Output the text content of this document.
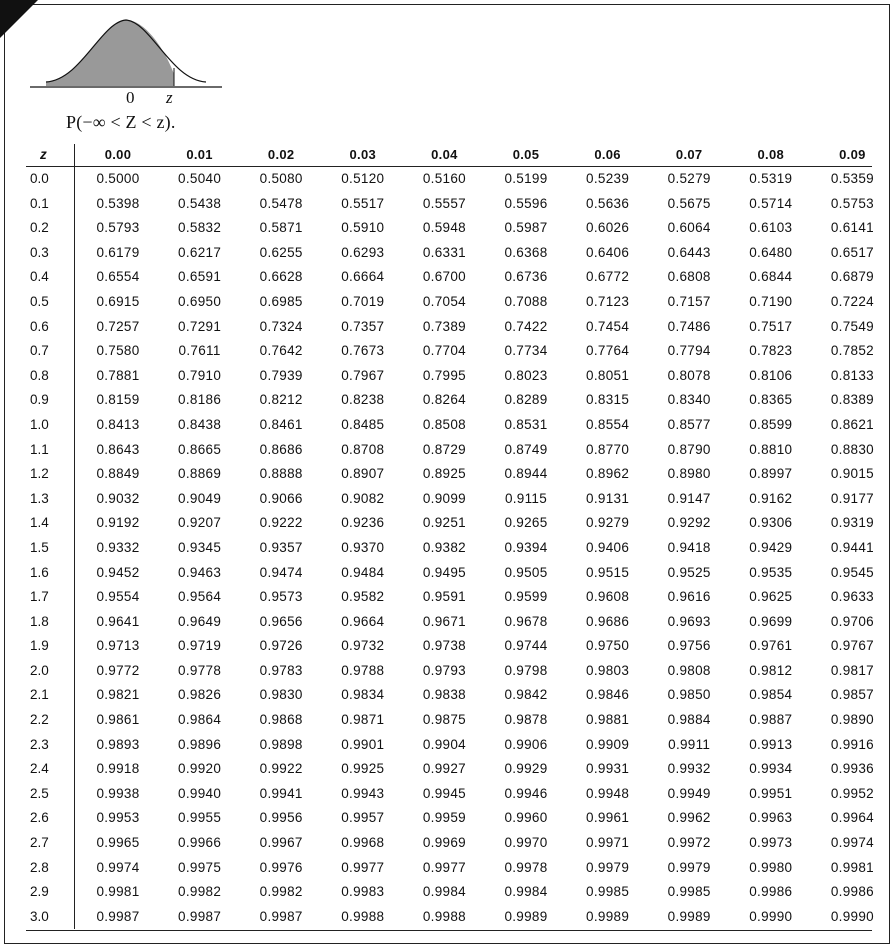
0 z
P(−∞ < Z < z).
z	0.00	0.01	0.02	0.03	0.04	0.05	0.06	0.07	0.08	0.09
0.0	0.5000	0.5040	0.5080	0.5120	0.5160	0.5199	0.5239	0.5279	0.5319	0.5359
0.1	0.5398	0.5438	0.5478	0.5517	0.5557	0.5596	0.5636	0.5675	0.5714	0.5753
0.2	0.5793	0.5832	0.5871	0.5910	0.5948	0.5987	0.6026	0.6064	0.6103	0.6141
0.3	0.6179	0.6217	0.6255	0.6293	0.6331	0.6368	0.6406	0.6443	0.6480	0.6517
0.4	0.6554	0.6591	0.6628	0.6664	0.6700	0.6736	0.6772	0.6808	0.6844	0.6879
0.5	0.6915	0.6950	0.6985	0.7019	0.7054	0.7088	0.7123	0.7157	0.7190	0.7224
0.6	0.7257	0.7291	0.7324	0.7357	0.7389	0.7422	0.7454	0.7486	0.7517	0.7549
0.7	0.7580	0.7611	0.7642	0.7673	0.7704	0.7734	0.7764	0.7794	0.7823	0.7852
0.8	0.7881	0.7910	0.7939	0.7967	0.7995	0.8023	0.8051	0.8078	0.8106	0.8133
0.9	0.8159	0.8186	0.8212	0.8238	0.8264	0.8289	0.8315	0.8340	0.8365	0.8389
1.0	0.8413	0.8438	0.8461	0.8485	0.8508	0.8531	0.8554	0.8577	0.8599	0.8621
1.1	0.8643	0.8665	0.8686	0.8708	0.8729	0.8749	0.8770	0.8790	0.8810	0.8830
1.2	0.8849	0.8869	0.8888	0.8907	0.8925	0.8944	0.8962	0.8980	0.8997	0.9015
1.3	0.9032	0.9049	0.9066	0.9082	0.9099	0.9115	0.9131	0.9147	0.9162	0.9177
1.4	0.9192	0.9207	0.9222	0.9236	0.9251	0.9265	0.9279	0.9292	0.9306	0.9319
1.5	0.9332	0.9345	0.9357	0.9370	0.9382	0.9394	0.9406	0.9418	0.9429	0.9441
1.6	0.9452	0.9463	0.9474	0.9484	0.9495	0.9505	0.9515	0.9525	0.9535	0.9545
1.7	0.9554	0.9564	0.9573	0.9582	0.9591	0.9599	0.9608	0.9616	0.9625	0.9633
1.8	0.9641	0.9649	0.9656	0.9664	0.9671	0.9678	0.9686	0.9693	0.9699	0.9706
1.9	0.9713	0.9719	0.9726	0.9732	0.9738	0.9744	0.9750	0.9756	0.9761	0.9767
2.0	0.9772	0.9778	0.9783	0.9788	0.9793	0.9798	0.9803	0.9808	0.9812	0.9817
2.1	0.9821	0.9826	0.9830	0.9834	0.9838	0.9842	0.9846	0.9850	0.9854	0.9857
2.2	0.9861	0.9864	0.9868	0.9871	0.9875	0.9878	0.9881	0.9884	0.9887	0.9890
2.3	0.9893	0.9896	0.9898	0.9901	0.9904	0.9906	0.9909	0.9911	0.9913	0.9916
2.4	0.9918	0.9920	0.9922	0.9925	0.9927	0.9929	0.9931	0.9932	0.9934	0.9936
2.5	0.9938	0.9940	0.9941	0.9943	0.9945	0.9946	0.9948	0.9949	0.9951	0.9952
2.6	0.9953	0.9955	0.9956	0.9957	0.9959	0.9960	0.9961	0.9962	0.9963	0.9964
2.7	0.9965	0.9966	0.9967	0.9968	0.9969	0.9970	0.9971	0.9972	0.9973	0.9974
2.8	0.9974	0.9975	0.9976	0.9977	0.9977	0.9978	0.9979	0.9979	0.9980	0.9981
2.9	0.9981	0.9982	0.9982	0.9983	0.9984	0.9984	0.9985	0.9985	0.9986	0.9986
3.0	0.9987	0.9987	0.9987	0.9988	0.9988	0.9989	0.9989	0.9989	0.9990	0.9990
